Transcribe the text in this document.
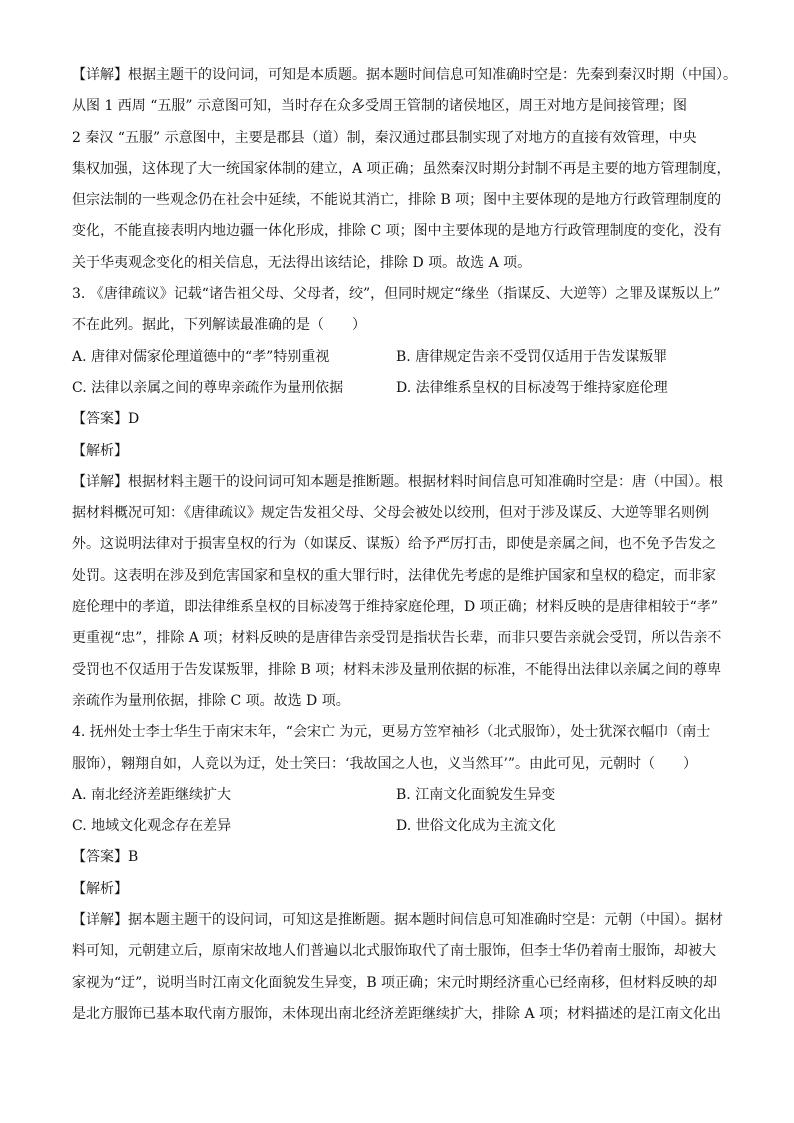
【详解】根据主题干的设问词，可知是本质题。据本题时间信息可知准确时空是：先秦到秦汉时期（中国）。
从图 1 西周 “五服” 示意图可知，当时存在众多受周王管制的诸侯地区，周王对地方是间接管理；图
2 秦汉 “五服” 示意图中，主要是郡县（道）制，秦汉通过郡县制实现了对地方的直接有效管理，中央
集权加强，这体现了大一统国家体制的建立，A 项正确；虽然秦汉时期分封制不再是主要的地方管理制度，
但宗法制的一些观念仍在社会中延续，不能说其消亡，排除 B 项；图中主要体现的是地方行政管理制度的
变化，不能直接表明内地边疆一体化形成，排除 C 项；图中主要体现的是地方行政管理制度的变化，没有
关于华夷观念变化的相关信息，无法得出该结论，排除 D 项。故选 A 项。
3. 《唐律疏议》记载“诸告祖父母、父母者，绞”，但同时规定“缘坐（指谋反、大逆等）之罪及谋叛以上”
不在此列。据此，下列解读最准确的是（　　）
A. 唐律对儒家伦理道德中的“孝”特别重视	B. 唐律规定告亲不受罚仅适用于告发谋叛罪
C. 法律以亲属之间的尊卑亲疏作为量刑依据	D. 法律维系皇权的目标凌驾于维持家庭伦理
【答案】D
【解析】
【详解】根据材料主题干的设问词可知本题是推断题。根据材料时间信息可知准确时空是：唐（中国）。根
据材料概况可知：《唐律疏议》规定告发祖父母、父母会被处以绞刑，但对于涉及谋反、大逆等罪名则例
外。这说明法律对于损害皇权的行为（如谋反、谋叛）给予严厉打击，即使是亲属之间，也不免予告发之
处罚。这表明在涉及到危害国家和皇权的重大罪行时，法律优先考虑的是维护国家和皇权的稳定，而非家
庭伦理中的孝道，即法律维系皇权的目标凌驾于维持家庭伦理，D 项正确；材料反映的是唐律相较于“孝”
更重视“忠”，排除 A 项；材料反映的是唐律告亲受罚是指状告长辈，而非只要告亲就会受罚，所以告亲不
受罚也不仅适用于告发谋叛罪，排除 B 项；材料未涉及量刑依据的标准，不能得出法律以亲属之间的尊卑
亲疏作为量刑依据，排除 C 项。故选 D 项。
4. 抚州处士李士华生于南宋末年，“会宋亡 为元，更易方笠窄袖衫（北式服饰），处士犹深衣幅巾（南士
服饰），翱翔自如，人竞以为迂，处士笑曰：‘我故国之人也，义当然耳’”。由此可见，元朝时（　　）
A. 南北经济差距继续扩大	B. 江南文化面貌发生异变
C. 地域文化观念存在差异	D. 世俗文化成为主流文化
【答案】B
【解析】
【详解】据本题主题干的设问词，可知这是推断题。据本题时间信息可知准确时空是：元朝（中国）。据材
料可知，元朝建立后，原南宋故地人们普遍以北式服饰取代了南士服饰，但李士华仍着南士服饰，却被大
家视为“迂”，说明当时江南文化面貌发生异变，B 项正确；宋元时期经济重心已经南移，但材料反映的却
是北方服饰已基本取代南方服饰，未体现出南北经济差距继续扩大，排除 A 项；材料描述的是江南文化出
